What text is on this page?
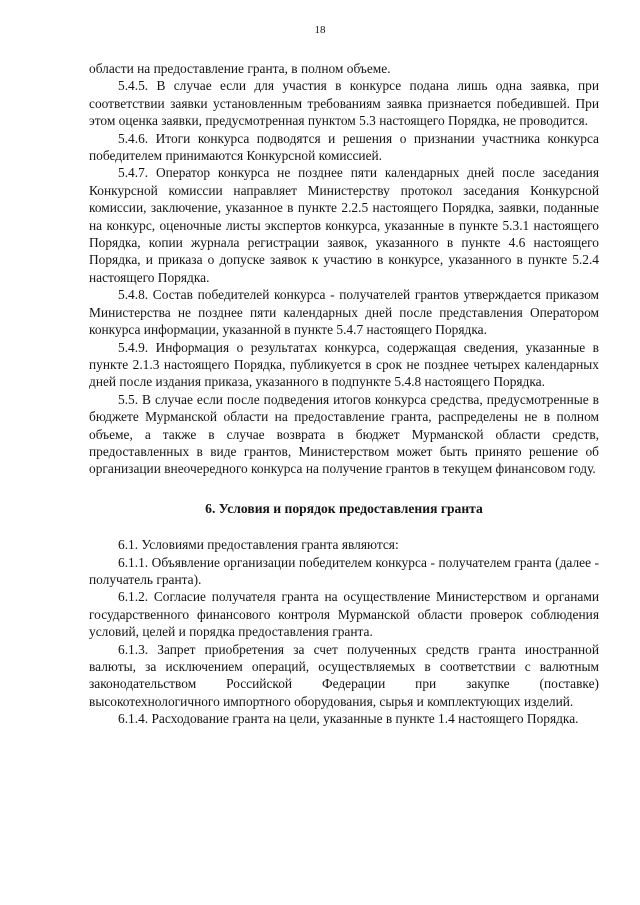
18

области на предоставление гранта, в полном объеме.

5.4.5. В случае если для участия в конкурсе подана лишь одна заявка, при соответствии заявки установленным требованиям заявка признается победившей. При этом оценка заявки, предусмотренная пунктом 5.3 настоящего Порядка, не проводится.

5.4.6. Итоги конкурса подводятся и решения о признании участника конкурса победителем принимаются Конкурсной комиссией.

5.4.7. Оператор конкурса не позднее пяти календарных дней после заседания Конкурсной комиссии направляет Министерству протокол заседания Конкурсной комиссии, заключение, указанное в пункте 2.2.5 настоящего Порядка, заявки, поданные на конкурс, оценочные листы экспертов конкурса, указанные в пункте 5.3.1 настоящего Порядка, копии журнала регистрации заявок, указанного в пункте 4.6 настоящего Порядка, и приказа о допуске заявок к участию в конкурсе, указанного в пункте 5.2.4 настоящего Порядка.

5.4.8. Состав победителей конкурса - получателей грантов утверждается приказом Министерства не позднее пяти календарных дней после представления Оператором конкурса информации, указанной в пункте 5.4.7 настоящего Порядка.

5.4.9. Информация о результатах конкурса, содержащая сведения, указанные в пункте 2.1.3 настоящего Порядка, публикуется в срок не позднее четырех календарных дней после издания приказа, указанного в подпункте 5.4.8 настоящего Порядка.

5.5. В случае если после подведения итогов конкурса средства, предусмотренные в бюджете Мурманской области на предоставление гранта, распределены не в полном объеме, а также в случае возврата в бюджет Мурманской области средств, предоставленных в виде грантов, Министерством может быть принято решение об организации внеочередного конкурса на получение грантов в текущем финансовом году.

6. Условия и порядок предоставления гранта

6.1. Условиями предоставления гранта являются:

6.1.1. Объявление организации победителем конкурса - получателем гранта (далее - получатель гранта).

6.1.2. Согласие получателя гранта на осуществление Министерством и органами государственного финансового контроля Мурманской области проверок соблюдения условий, целей и порядка предоставления гранта.

6.1.3. Запрет приобретения за счет полученных средств гранта иностранной валюты, за исключением операций, осуществляемых в соответствии с валютным законодательством Российской Федерации при закупке (поставке) высокотехнологичного импортного оборудования, сырья и комплектующих изделий.

6.1.4. Расходование гранта на цели, указанные в пункте 1.4 настоящего Порядка.
